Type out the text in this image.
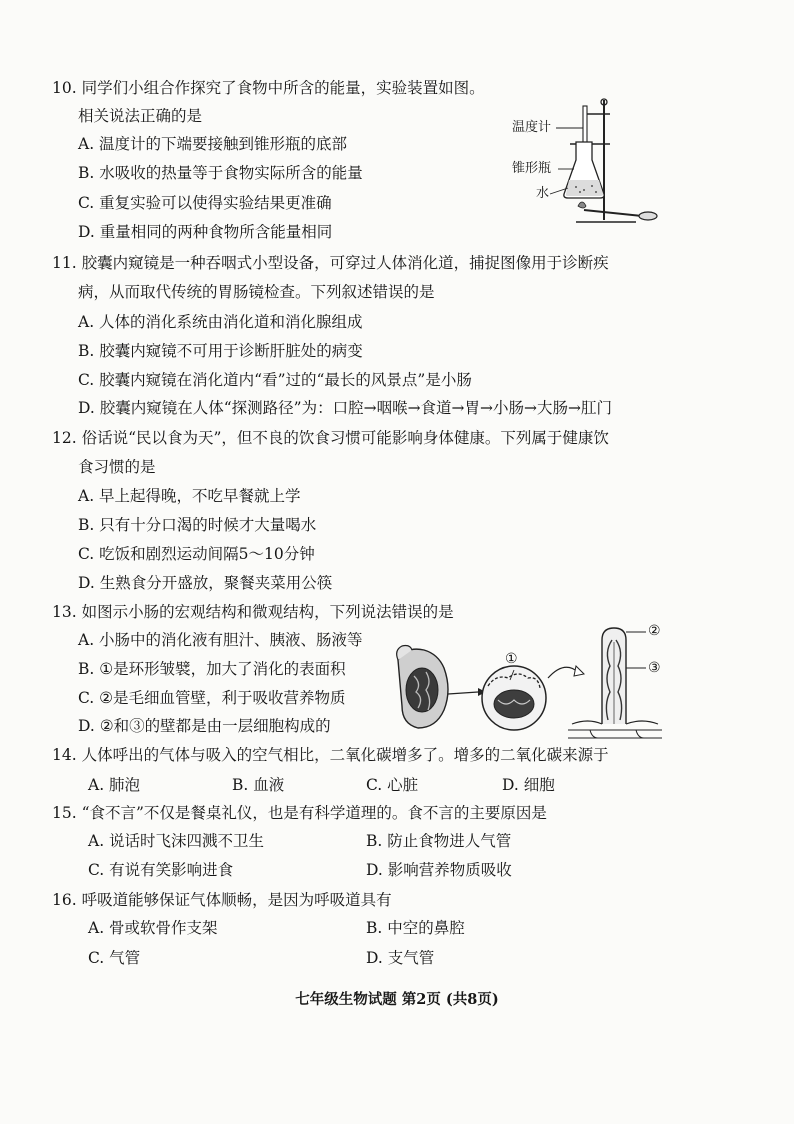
10. 同学们小组合作探究了食物中所含的能量，实验装置如图。
相关说法正确的是
A. 温度计的下端要接触到锥形瓶的底部
B. 水吸收的热量等于食物实际所含的能量
C. 重复实验可以使得实验结果更准确
D. 重量相同的两种食物所含能量相同
温度计
锥形瓶
水
11. 胶囊内窥镜是一种吞咽式小型设备，可穿过人体消化道，捕捉图像用于诊断疾
病，从而取代传统的胃肠镜检查。下列叙述错误的是
A. 人体的消化系统由消化道和消化腺组成
B. 胶囊内窥镜不可用于诊断肝脏处的病变
C. 胶囊内窥镜在消化道内“看”过的“最长的风景点”是小肠
D. 胶囊内窥镜在人体“探测路径”为：口腔→咽喉→食道→胃→小肠→大肠→肛门
12. 俗话说“民以食为天”，但不良的饮食习惯可能影响身体健康。下列属于健康饮
食习惯的是
A. 早上起得晚，不吃早餐就上学
B. 只有十分口渴的时候才大量喝水
C. 吃饭和剧烈运动间隔5～10分钟
D. 生熟食分开盛放，聚餐夹菜用公筷
13. 如图示小肠的宏观结构和微观结构，下列说法错误的是
A. 小肠中的消化液有胆汁、胰液、肠液等
B. ①是环形皱襞，加大了消化的表面积
C. ②是毛细血管壁，利于吸收营养物质
D. ②和③的壁都是由一层细胞构成的
①
②
③
14. 人体呼出的气体与吸入的空气相比，二氧化碳增多了。增多的二氧化碳来源于
A. 肺泡	B. 血液	C. 心脏	D. 细胞
15. “食不言”不仅是餐桌礼仪，也是有科学道理的。食不言的主要原因是
A. 说话时飞沫四溅不卫生	B. 防止食物进人气管
C. 有说有笑影响进食	D. 影响营养物质吸收
16. 呼吸道能够保证气体顺畅，是因为呼吸道具有
A. 骨或软骨作支架	B. 中空的鼻腔
C. 气管	D. 支气管
七年级生物试题 第2页 (共8页)
